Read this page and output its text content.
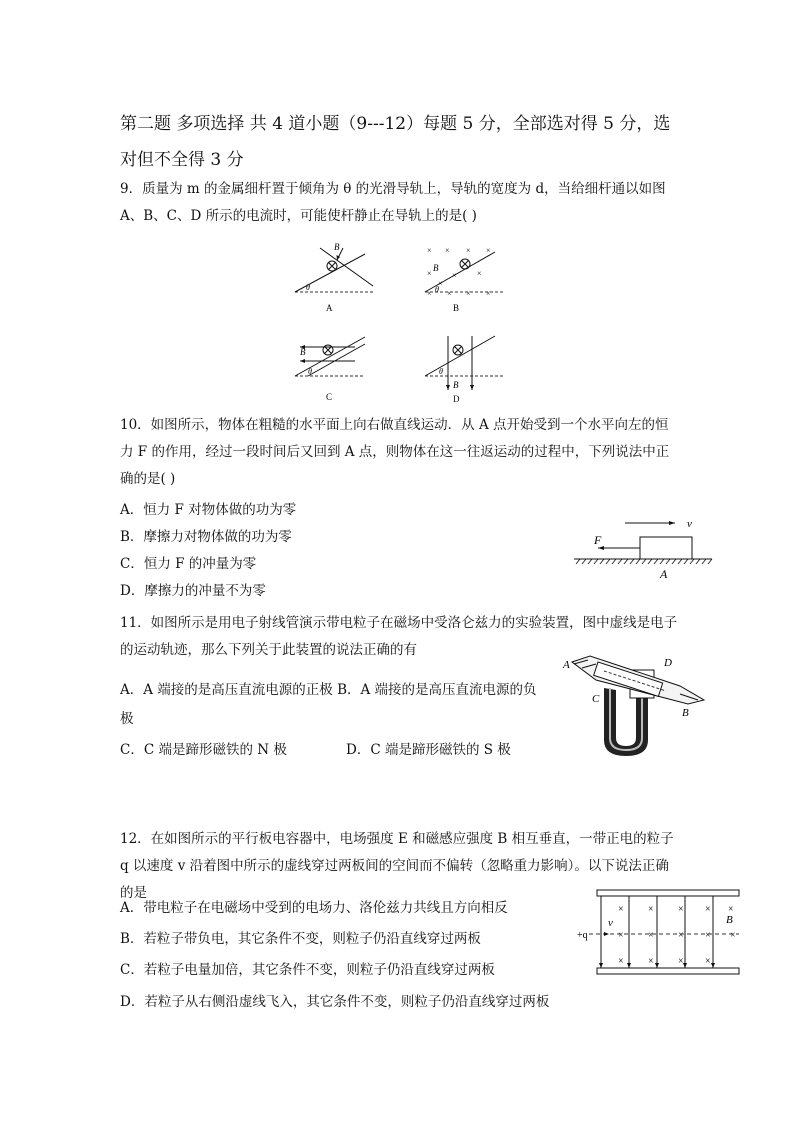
第二题 多项选择 共 4 道小题（9---12）每题 5 分，全部选对得 5 分，选对但不全得 3 分
9．质量为 m 的金属细杆置于倾角为 θ 的光滑导轨上，导轨的宽度为 d，当给细杆通以如图 A、B、C、D 所示的电流时，可能使杆静止在导轨上的是( )
B
θ
A
× × × ×
×	×	×
×
× × × ×
B
θ
B
B
θ
C
θ
B
D
10．如图所示，物体在粗糙的水平面上向右做直线运动．从 A 点开始受到一个水平向左的恒力 F 的作用，经过一段时间后又回到 A 点，则物体在这一往返运动的过程中，下列说法中正确的是( )
A．恒力 F 对物体做的功为零
B．摩擦力对物体做的功为零
C．恒力 F 的冲量为零
D．摩擦力的冲量不为零
v
F
A
11．如图所示是用电子射线管演示带电粒子在磁场中受洛仑兹力的实验装置，图中虚线是电子的运动轨迹，那么下列关于此装置的说法正确的有
A．A 端接的是高压直流电源的正极 B．A 端接的是高压直流电源的负
极
C．C 端是蹄形磁铁的 N 极	D．C 端是蹄形磁铁的 S 极
A	D
C
B
12．在如图所示的平行板电容器中，电场强度 E 和磁感应强度 B 相互垂直，一带正电的粒子 q 以速度 v 沿着图中所示的虚线穿过两板间的空间而不偏转（忽略重力影响）。以下说法正确的是
A．带电粒子在电磁场中受到的电场力、洛伦兹力共线且方向相反
B．若粒子带负电，其它条件不变，则粒子仍沿直线穿过两板
C．若粒子电量加倍，其它条件不变，则粒子仍沿直线穿过两板
D．若粒子从右侧沿虚线飞入，其它条件不变，则粒子仍沿直线穿过两板
× × × × ×
× × × × ×
× × × ×
+q
v	B
